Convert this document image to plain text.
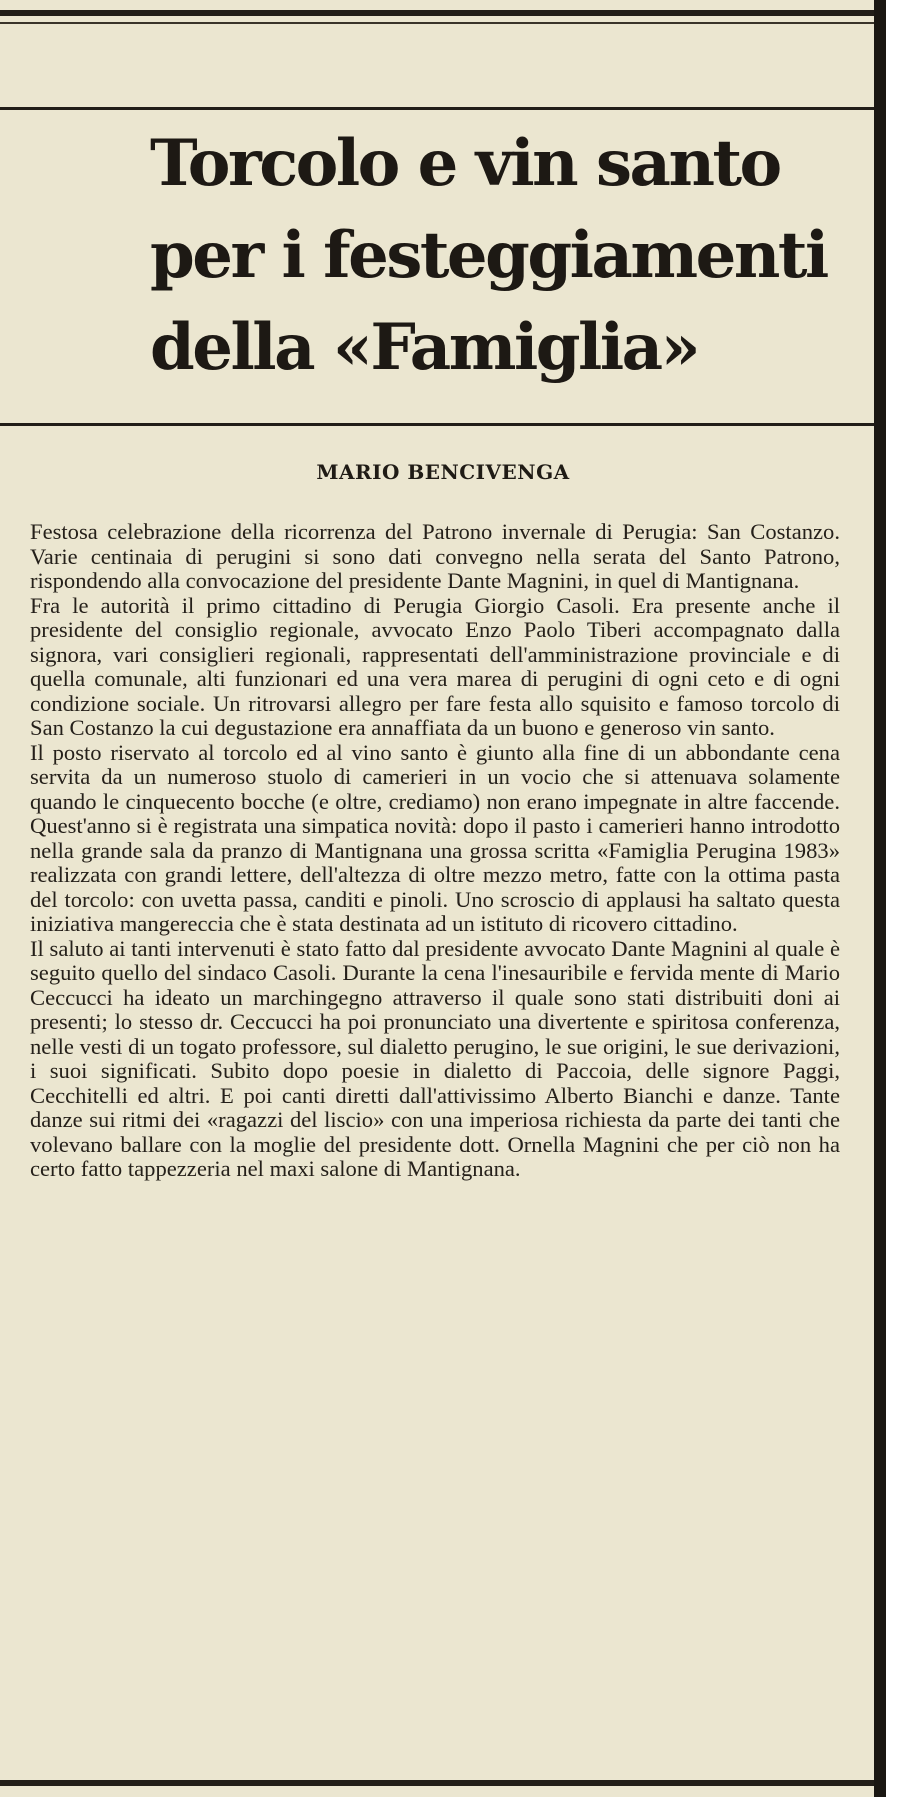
Torcolo e vin santo
per i festeggiamenti
della «Famiglia»
MARIO BENCIVENGA

Festosa celebrazione della ricorrenza del Patrono invernale di Perugia: San Costanzo. Varie centinaia di perugini si sono dati convegno nella serata del Santo Patrono, rispondendo alla convocazione del presidente Dante Magnini, in quel di Mantignana.

Fra le autorità il primo cittadino di Perugia Giorgio Casoli. Era presente anche il presidente del consiglio regionale, avvocato Enzo Paolo Tiberi accompagnato dalla signora, vari consiglieri regionali, rappresentati dell'amministrazione provinciale e di quella comunale, alti funzionari ed una vera marea di perugini di ogni ceto e di ogni condizione sociale. Un ritrovarsi allegro per fare festa allo squisito e famoso torcolo di San Costanzo la cui degustazione era annaffiata da un buono e generoso vin santo.

Il posto riservato al torcolo ed al vino santo è giunto alla fine di un abbondante cena servita da un numeroso stuolo di camerieri in un vocio che si attenuava solamente quando le cinquecento bocche (e oltre, crediamo) non erano impegnate in altre faccende. Quest'anno si è registrata una simpatica novità: dopo il pasto i camerieri hanno introdotto nella grande sala da pranzo di Mantignana una grossa scritta «Famiglia Perugina 1983» realizzata con grandi lettere, dell'altezza di oltre mezzo metro, fatte con la ottima pasta del torcolo: con uvetta passa, canditi e pinoli. Uno scroscio di applausi ha saltato questa iniziativa mangereccia che è stata destinata ad un istituto di ricovero cittadino.

Il saluto ai tanti intervenuti è stato fatto dal presidente avvocato Dante Magnini al quale è seguito quello del sindaco Casoli. Durante la cena l'inesauribile e fervida mente di Mario Ceccucci ha ideato un marchingegno attraverso il quale sono stati distribuiti doni ai presenti; lo stesso dr. Ceccucci ha poi pronunciato una divertente e spiritosa conferenza, nelle vesti di un togato professore, sul dialetto perugino, le sue origini, le sue derivazioni, i suoi significati. Subito dopo poesie in dialetto di Paccoia, delle signore Paggi, Cecchitelli ed altri. E poi canti diretti dall'attivissimo Alberto Bianchi e danze. Tante danze sui ritmi dei «ragazzi del liscio» con una imperiosa richiesta da parte dei tanti che volevano ballare con la moglie del presidente dott. Ornella Magnini che per ciò non ha certo fatto tappezzeria nel maxi salone di Mantignana.
